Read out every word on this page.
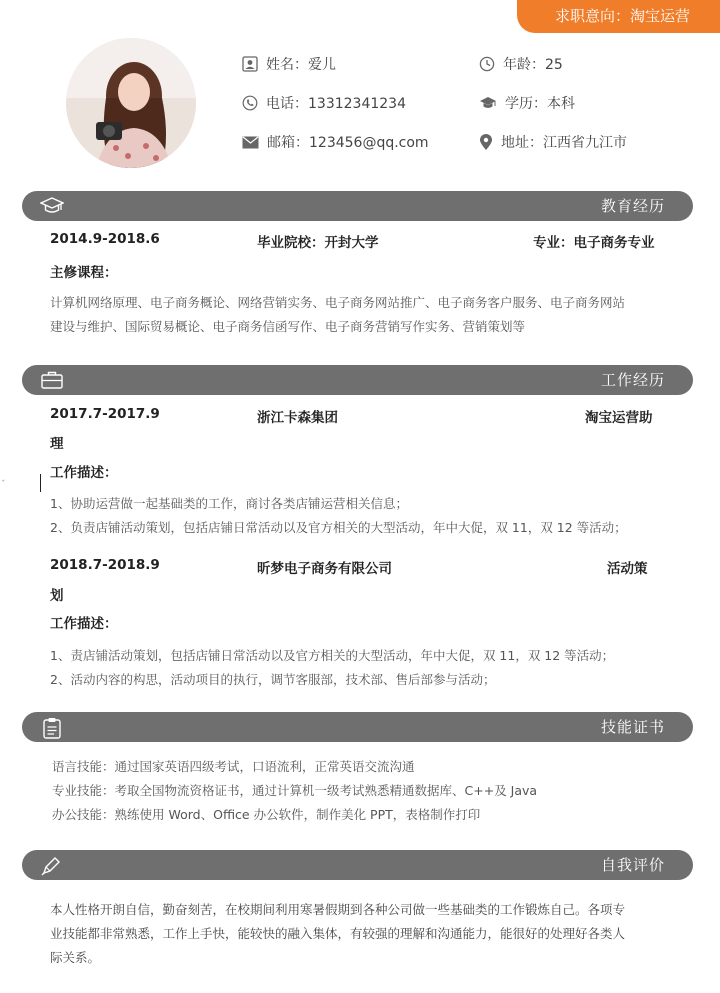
求职意向：淘宝运营
姓名：爱儿	年龄：25
电话：13312341234	学历：本科
邮箱：123456@qq.com	地址：江西省九江市
教育经历
2014.9-2018.6	毕业院校：开封大学	专业：电子商务专业
主修课程：
计算机网络原理、电子商务概论、网络营销实务、电子商务网站推广、电子商务客户服务、电子商务网站
建设与维护、国际贸易概论、电子商务信函写作、电子商务营销写作实务、营销策划等
工作经历
2017.7-2017.9	浙江卡森集团	淘宝运营助
理
工作描述：
ˇ
1、协助运营做一起基础类的工作，商讨各类店铺运营相关信息；
2、负责店铺活动策划，包括店铺日常活动以及官方相关的大型活动，年中大促，双 11，双 12 等活动；
2018.7-2018.9	昕梦电子商务有限公司	活动策
划
工作描述：
1、责店铺活动策划，包括店铺日常活动以及官方相关的大型活动，年中大促，双 11，双 12 等活动；
2、活动内容的构思，活动项目的执行，调节客服部，技术部、售后部参与活动；
技能证书
语言技能：通过国家英语四级考试，口语流利，正常英语交流沟通
专业技能：考取全国物流资格证书，通过计算机一级考试熟悉精通数据库、C++及 Java
办公技能：熟练使用 Word、Office 办公软件，制作美化 PPT，表格制作打印
自我评价
本人性格开朗自信，勤奋刻苦，在校期间利用寒暑假期到各种公司做一些基础类的工作锻炼自己。各项专
业技能都非常熟悉，工作上手快，能较快的融入集体，有较强的理解和沟通能力，能很好的处理好各类人
际关系。
